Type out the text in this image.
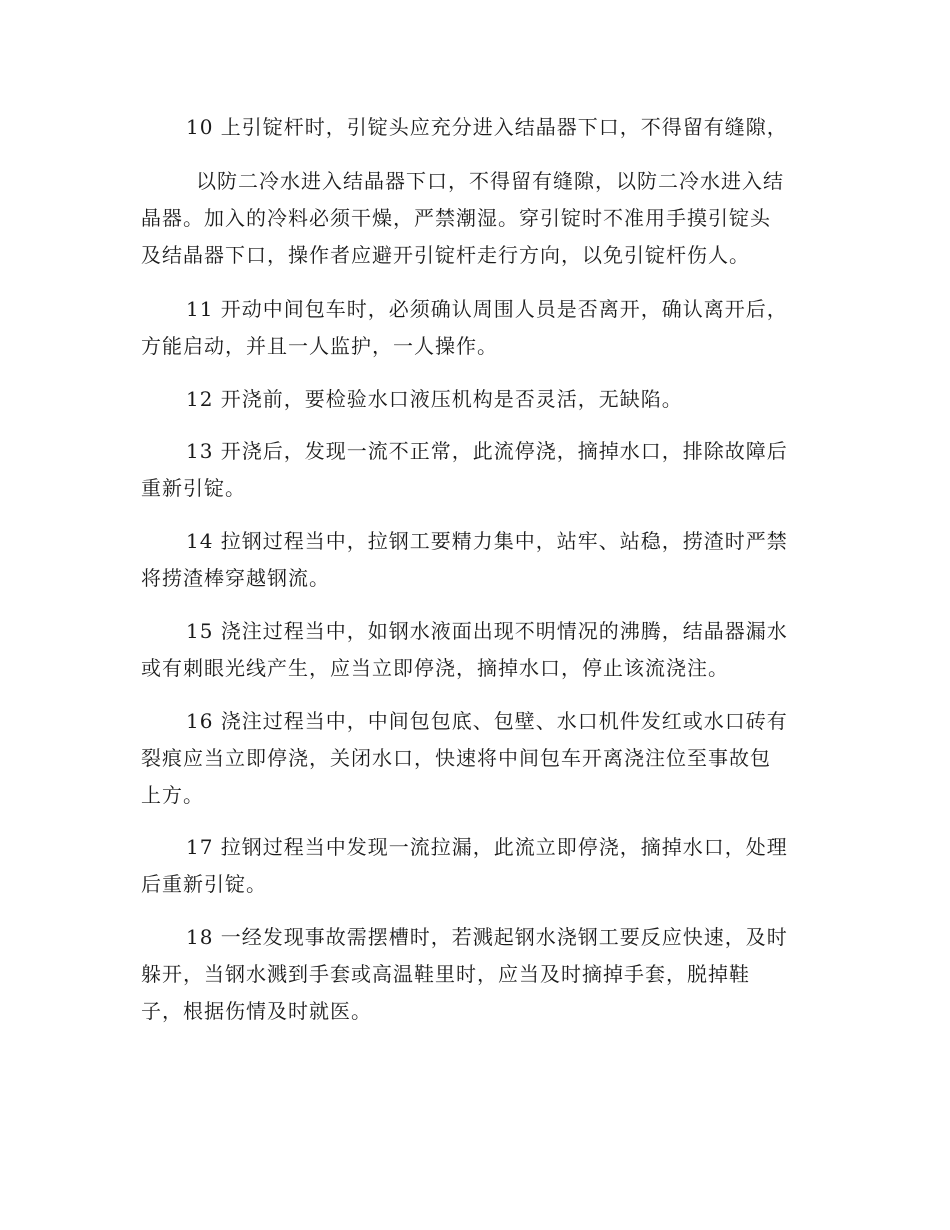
10 上引锭杆时，引锭头应充分进入结晶器下口，不得留有缝隙，
以防二冷水进入结晶器下口，不得留有缝隙，以防二冷水进入结
晶器。加入的冷料必须干燥，严禁潮湿。穿引锭时不准用手摸引锭头
及结晶器下口，操作者应避开引锭杆走行方向，以免引锭杆伤人。
11 开动中间包车时，必须确认周围人员是否离开，确认离开后，
方能启动，并且一人监护，一人操作。
12 开浇前，要检验水口液压机构是否灵活，无缺陷。
13 开浇后，发现一流不正常，此流停浇，摘掉水口，排除故障后
重新引锭。
14 拉钢过程当中，拉钢工要精力集中，站牢、站稳，捞渣时严禁
将捞渣棒穿越钢流。
15 浇注过程当中，如钢水液面出现不明情况的沸腾，结晶器漏水
或有刺眼光线产生，应当立即停浇，摘掉水口，停止该流浇注。
16 浇注过程当中，中间包包底、包壁、水口机件发红或水口砖有
裂痕应当立即停浇，关闭水口，快速将中间包车开离浇注位至事故包
上方。
17 拉钢过程当中发现一流拉漏，此流立即停浇，摘掉水口，处理
后重新引锭。
18 一经发现事故需摆槽时，若溅起钢水浇钢工要反应快速，及时
躲开，当钢水溅到手套或高温鞋里时，应当及时摘掉手套，脱掉鞋
子，根据伤情及时就医。
